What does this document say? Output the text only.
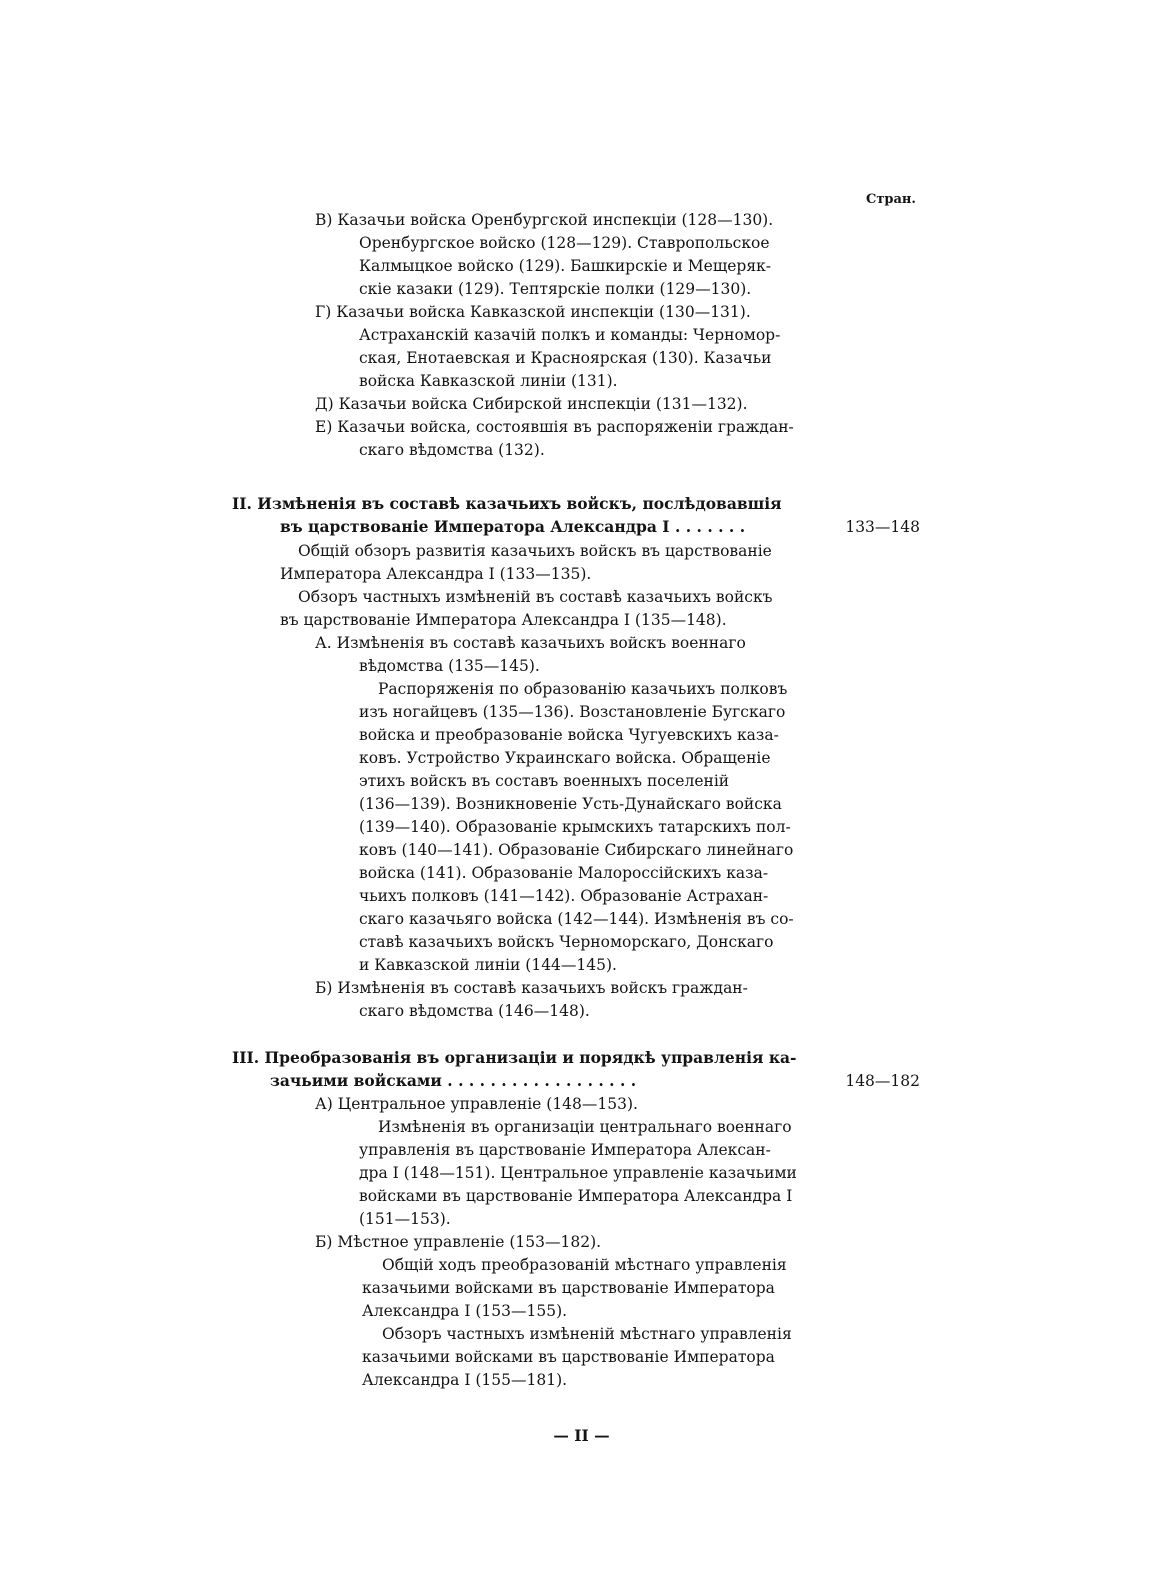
Стран.
В) Казачьи войска Оренбургской инспекціи (128—130).
Оренбургское войско (128—129). Ставропольское
Калмыцкое войско (129). Башкирскіе и Мещеряк-
скіе казаки (129). Тептярскіе полки (129—130).
Г) Казачьи войска Кавказской инспекціи (130—131).
Астраханскій казачій полкъ и команды: Черномор-
ская, Енотаевская и Красноярская (130). Казачьи
войска Кавказской линіи (131).
Д) Казачьи войска Сибирской инспекціи (131—132).
Е) Казачьи войска, состоявшія въ распоряженіи граждан-
скаго вѣдомства (132).
II. Измѣненія въ составѣ казачьихъ войскъ, послѣдовавшія
въ царствованіе Императора Александра I . . . . . . .	133—148
Общій обзоръ развитія казачьихъ войскъ въ царствованіе
Императора Александра I (133—135).
Обзоръ частныхъ измѣненій въ составѣ казачьихъ войскъ
въ царствованіе Императора Александра I (135—148).
А. Измѣненія въ составѣ казачьихъ войскъ военнаго
вѣдомства (135—145).
Распоряженія по образованію казачьихъ полковъ
изъ ногайцевъ (135—136). Возстановленіе Бугскаго
войска и преобразованіе войска Чугуевскихъ каза-
ковъ. Устройство Украинскаго войска. Обращеніе
этихъ войскъ въ составъ военныхъ поселеній
(136—139). Возникновеніе Усть-Дунайскаго войска
(139—140). Образованіе крымскихъ татарскихъ пол-
ковъ (140—141). Образованіе Сибирскаго линейнаго
войска (141). Образованіе Малороссійскихъ каза-
чьихъ полковъ (141—142). Образованіе Астрахан-
скаго казачьяго войска (142—144). Измѣненія въ со-
ставѣ казачьихъ войскъ Черноморскаго, Донскаго
и Кавказской линіи (144—145).
Б) Измѣненія въ составѣ казачьихъ войскъ граждан-
скаго вѣдомства (146—148).
III. Преобразованія въ организаціи и порядкѣ управленія ка-
зачьими войсками . . . . . . . . . . . . . . . . . .	148—182
А) Центральное управленіе (148—153).
Измѣненія въ организаціи центральнаго военнаго
управленія въ царствованіе Императора Алексан-
дра I (148—151). Центральное управленіе казачьими
войсками въ царствованіе Императора Александра I
(151—153).
Б) Мѣстное управленіе (153—182).
Общій ходъ преобразованій мѣстнаго управленія
казачьими войсками въ царствованіе Императора
Александра I (153—155).
Обзоръ частныхъ измѣненій мѣстнаго управленія
казачьими войсками въ царствованіе Императора
Александра I (155—181).
— II —
